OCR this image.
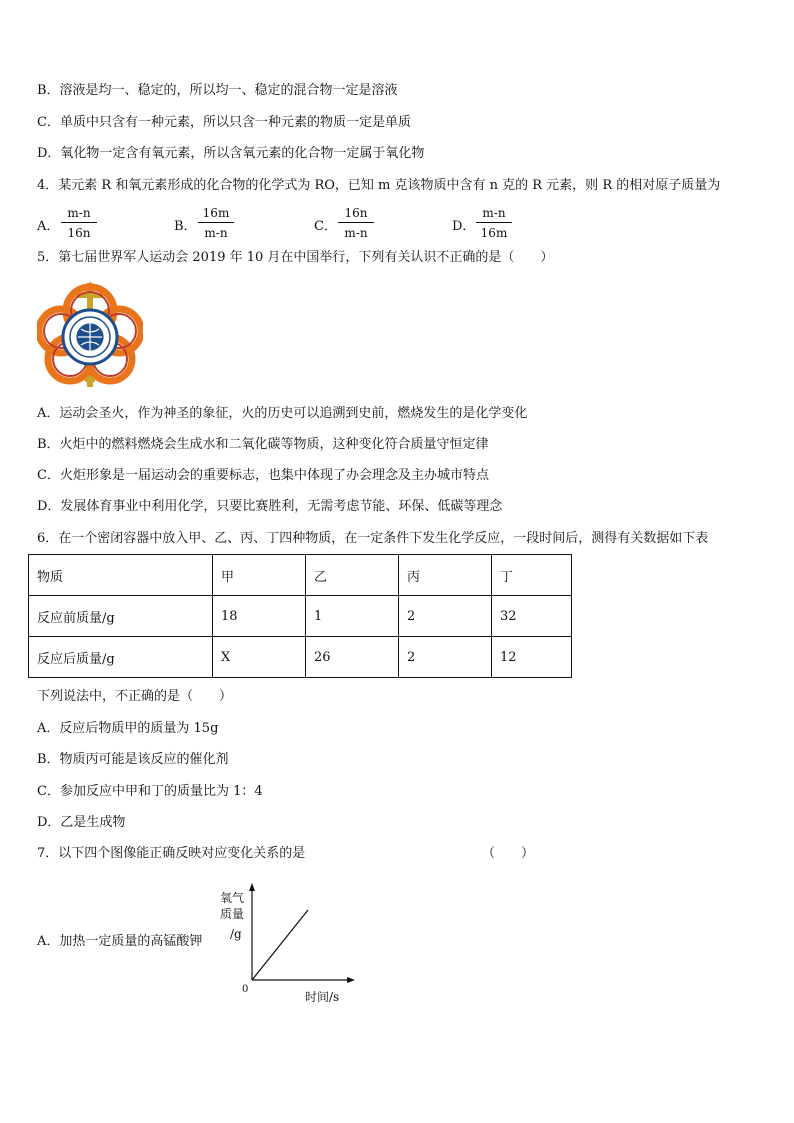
B．溶液是均一、稳定的，所以均一、稳定的混合物一定是溶液
C．单质中只含有一种元素，所以只含一种元素的物质一定是单质
D．氧化物一定含有氧元素，所以含氧元素的化合物一定属于氧化物
4．某元素 R 和氧元素形成的化合物的化学式为 RO，已知 m 克该物质中含有 n 克的 R 元素，则 R 的相对原子质量为
A．
m-n
16n	B．
16m
m-n	C．
16n
m-n	D．
m-n
16m
5．第七届世界军人运动会 2019 年 10 月在中国举行，下列有关认识不正确的是（　　）
A．运动会圣火，作为神圣的象征，火的历史可以追溯到史前，燃烧发生的是化学变化
B．火炬中的燃料燃烧会生成水和二氧化碳等物质，这种变化符合质量守恒定律
C．火炬形象是一届运动会的重要标志，也集中体现了办会理念及主办城市特点
D．发展体育事业中利用化学，只要比赛胜利，无需考虑节能、环保、低碳等理念
6．在一个密闭容器中放入甲、乙、丙、丁四种物质，在一定条件下发生化学反应，一段时间后，测得有关数据如下表
物质	甲	乙	丙	丁
反应前质量/g	18	1	2	32
反应后质量/g	X	26	2	12
下列说法中，不正确的是（　　）
A．反应后物质甲的质量为 15g
B．物质丙可能是该反应的催化剂
C．参加反应中甲和丁的质量比为 1：4
D．乙是生成物
7．以下四个图像能正确反映对应变化关系的是	（　　）
A．加热一定质量的高锰酸钾
氧气
质量
/g
0
时间/s
